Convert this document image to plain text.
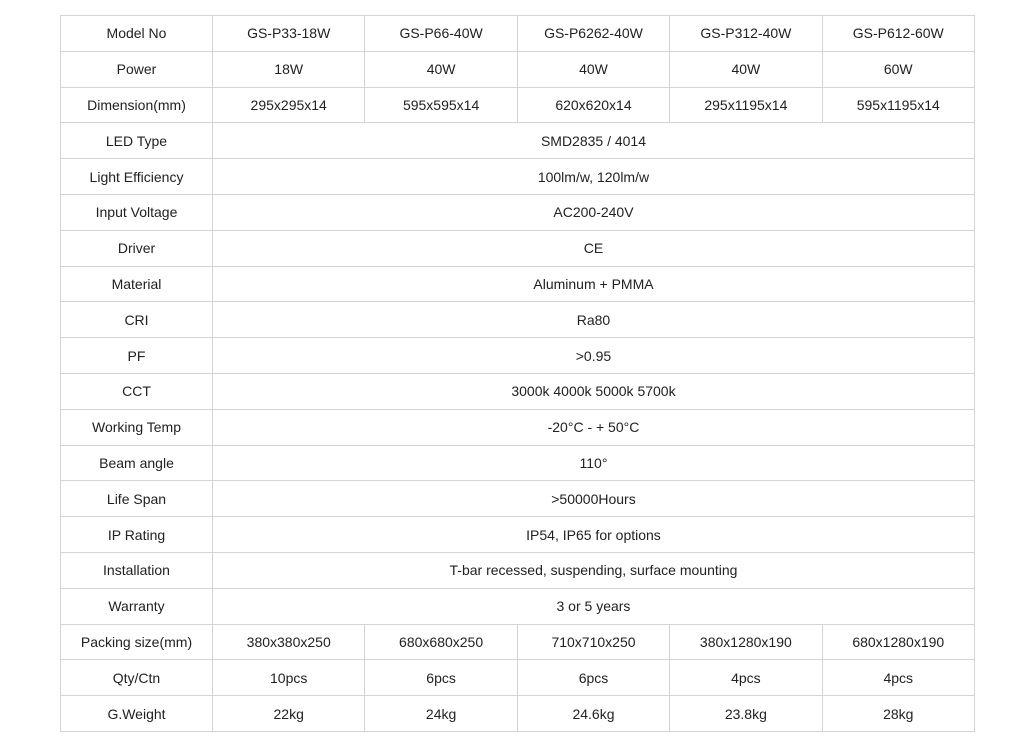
Model No	GS-P33-18W	GS-P66-40W	GS-P6262-40W	GS-P312-40W	GS-P612-60W
Power	18W	40W	40W	40W	60W
Dimension(mm)	295x295x14	595x595x14	620x620x14	295x1195x14	595x1195x14
LED Type	SMD2835 / 4014				
Light Efficiency	100lm/w, 120lm/w				
Input Voltage	AC200-240V				
Driver	CE				
Material	Aluminum + PMMA				
CRI	Ra80				
PF	>0.95				
CCT	3000k 4000k 5000k 5700k				
Working Temp	-20°C - + 50°C				
Beam angle	110°				
Life Span	>50000Hours				
IP Rating	IP54, IP65 for options				
Installation	T-bar recessed, suspending, surface mounting				
Warranty	3 or 5 years				
Packing size(mm)	380x380x250	680x680x250	710x710x250	380x1280x190	680x1280x190
Qty/Ctn	10pcs	6pcs	6pcs	4pcs	4pcs
G.Weight	22kg	24kg	24.6kg	23.8kg	28kg
